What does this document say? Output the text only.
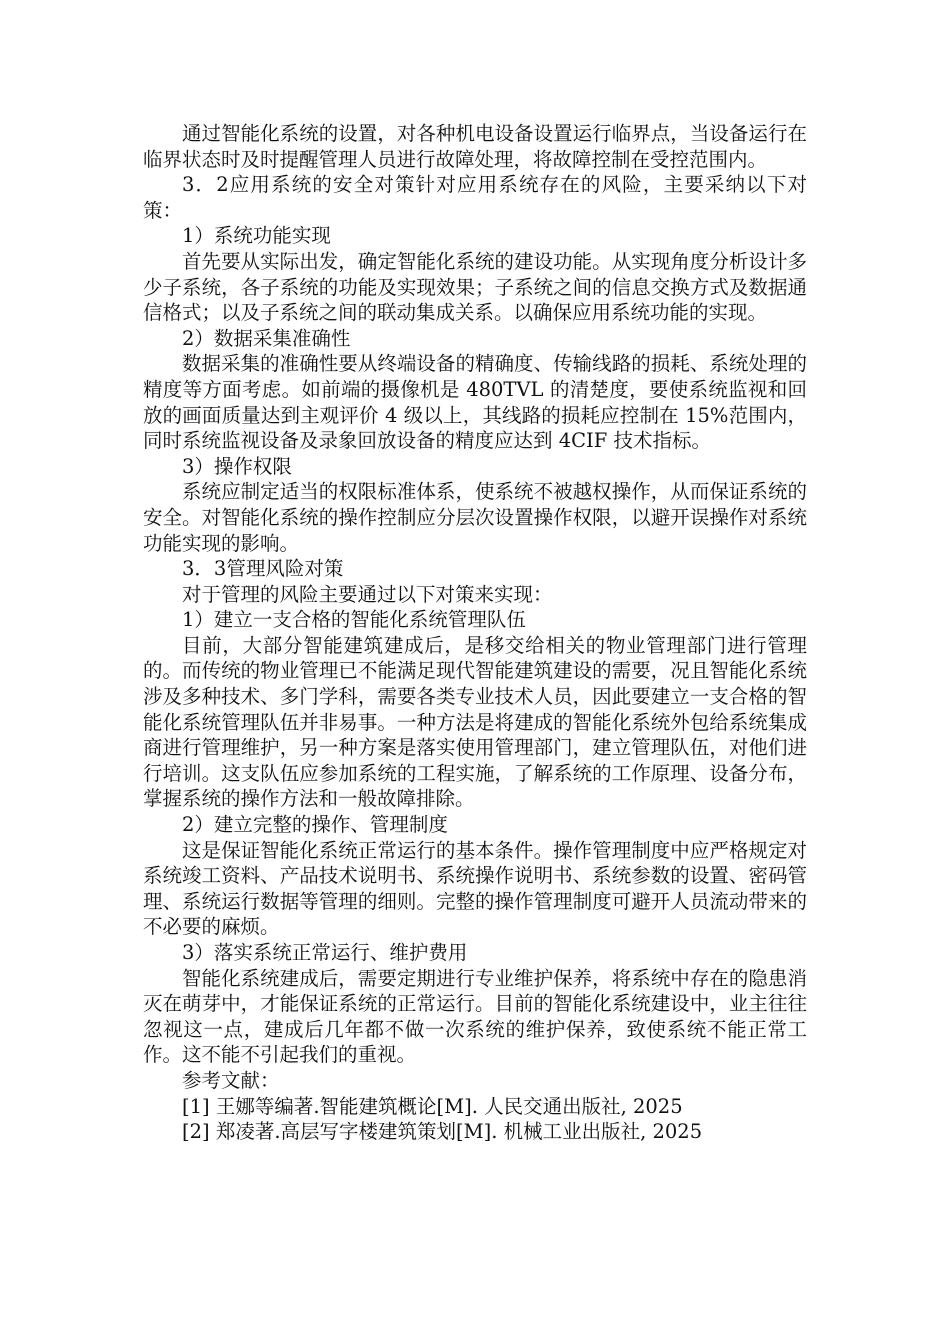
通过智能化系统的设置，对各种机电设备设置运行临界点，当设备运行在临界状态时及时提醒管理人员进行故障处理，将故障控制在受控范围内。

3．2应用系统的安全对策针对应用系统存在的风险，主要采纳以下对策：

1）系统功能实现

首先要从实际出发，确定智能化系统的建设功能。从实现角度分析设计多少子系统，各子系统的功能及实现效果；子系统之间的信息交换方式及数据通信格式；以及子系统之间的联动集成关系。以确保应用系统功能的实现。

2）数据采集准确性

数据采集的准确性要从终端设备的精确度、传输线路的损耗、系统处理的精度等方面考虑。如前端的摄像机是 480TVL 的清楚度，要使系统监视和回放的画面质量达到主观评价 4 级以上，其线路的损耗应控制在 15%范围内，同时系统监视设备及录象回放设备的精度应达到 4CIF 技术指标。

3）操作权限

系统应制定适当的权限标准体系，使系统不被越权操作，从而保证系统的安全。对智能化系统的操作控制应分层次设置操作权限，以避开误操作对系统功能实现的影响。

3．3管理风险对策

对于管理的风险主要通过以下对策来实现：

1）建立一支合格的智能化系统管理队伍

目前，大部分智能建筑建成后，是移交给相关的物业管理部门进行管理的。而传统的物业管理已不能满足现代智能建筑建设的需要，况且智能化系统涉及多种技术、多门学科，需要各类专业技术人员，因此要建立一支合格的智能化系统管理队伍并非易事。一种方法是将建成的智能化系统外包给系统集成商进行管理维护，另一种方案是落实使用管理部门，建立管理队伍，对他们进行培训。这支队伍应参加系统的工程实施，了解系统的工作原理、设备分布，掌握系统的操作方法和一般故障排除。

2）建立完整的操作、管理制度

这是保证智能化系统正常运行的基本条件。操作管理制度中应严格规定对系统竣工资料、产品技术说明书、系统操作说明书、系统参数的设置、密码管理、系统运行数据等管理的细则。完整的操作管理制度可避开人员流动带来的不必要的麻烦。

3）落实系统正常运行、维护费用

智能化系统建成后，需要定期进行专业维护保养，将系统中存在的隐患消灭在萌芽中，才能保证系统的正常运行。目前的智能化系统建设中，业主往往忽视这一点，建成后几年都不做一次系统的维护保养，致使系统不能正常工作。这不能不引起我们的重视。

参考文献：

[1] 王娜等编著.智能建筑概论[M]. 人民交通出版社, 2025

[2] 郑凌著.高层写字楼建筑策划[M]. 机械工业出版社, 2025
